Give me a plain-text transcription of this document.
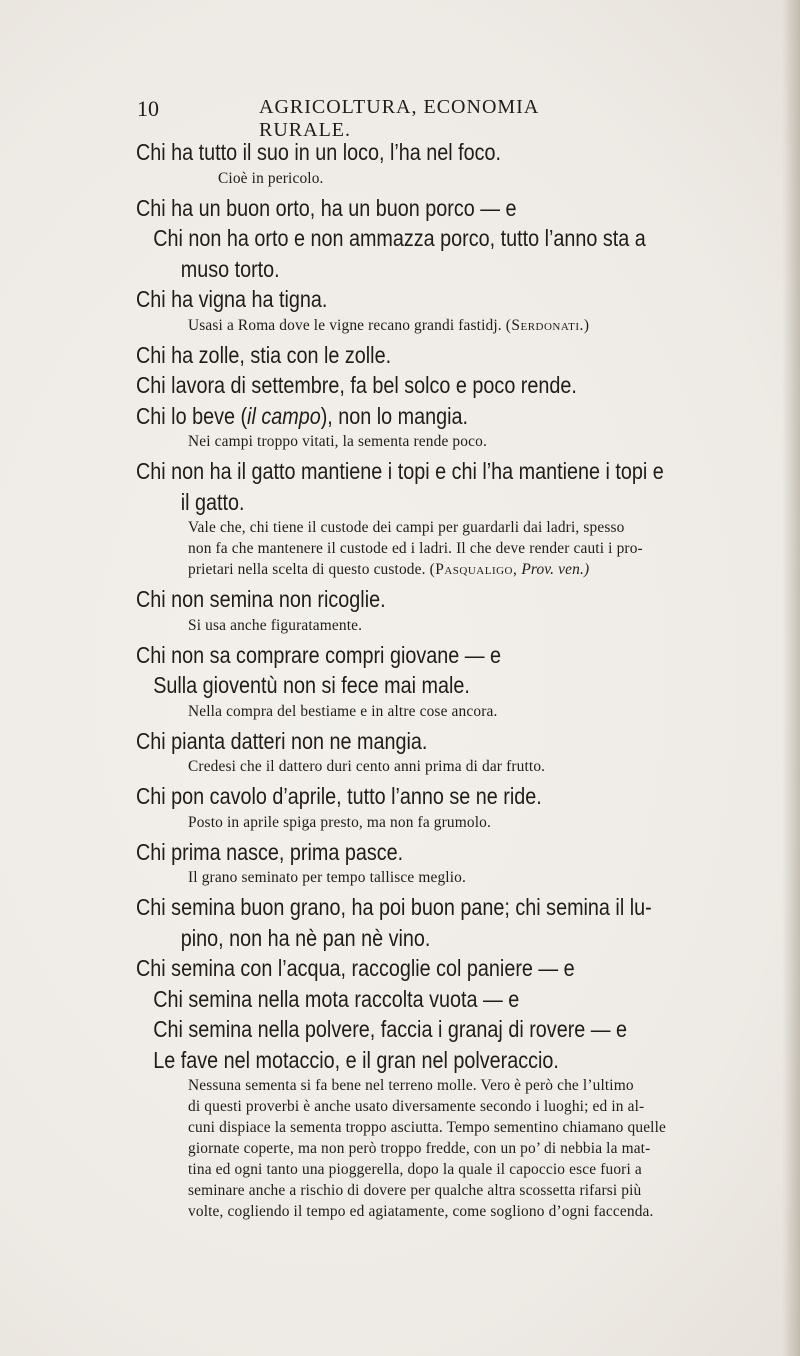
10	AGRICOLTURA, ECONOMIA RURALE.

Chi ha tutto il suo in un loco, l’ha nel foco.

Cioè in pericolo.

Chi ha un buon orto, ha un buon porco — e

Chi non ha orto e non ammazza porco, tutto l’anno sta a

muso torto.

Chi ha vigna ha tigna.

Usasi a Roma dove le vigne recano grandi fastidj. (Serdonati.)

Chi ha zolle, stia con le zolle.

Chi lavora di settembre, fa bel solco e poco rende.

Chi lo beve (il campo), non lo mangia.

Nei campi troppo vitati, la sementa rende poco.

Chi non ha il gatto mantiene i topi e chi l’ha mantiene i topi e

il gatto.

Vale che, chi tiene il custode dei campi per guardarli dai ladri, spesso

non fa che mantenere il custode ed i ladri. Il che deve render cauti i pro-

prietari nella scelta di questo custode. (Pasqualigo, Prov. ven.)

Chi non semina non ricoglie.

Si usa anche figuratamente.

Chi non sa comprare compri giovane — e

Sulla gioventù non si fece mai male.

Nella compra del bestiame e in altre cose ancora.

Chi pianta datteri non ne mangia.

Credesi che il dattero duri cento anni prima di dar frutto.

Chi pon cavolo d’aprile, tutto l’anno se ne ride.

Posto in aprile spiga presto, ma non fa grumolo.

Chi prima nasce, prima pasce.

Il grano seminato per tempo tallisce meglio.

Chi semina buon grano, ha poi buon pane; chi semina il lu-

pino, non ha nè pan nè vino.

Chi semina con l’acqua, raccoglie col paniere — e

Chi semina nella mota raccolta vuota — e

Chi semina nella polvere, faccia i granaj di rovere — e

Le fave nel motaccio, e il gran nel polveraccio.

Nessuna sementa si fa bene nel terreno molle. Vero è però che l’ultimo

di questi proverbi è anche usato diversamente secondo i luoghi; ed in al-

cuni dispiace la sementa troppo asciutta. Tempo sementino chiamano quelle

giornate coperte, ma non però troppo fredde, con un po’ di nebbia la mat-

tina ed ogni tanto una pioggerella, dopo la quale il capoccio esce fuori a

seminare anche a rischio di dovere per qualche altra scossetta rifarsi più

volte, cogliendo il tempo ed agiatamente, come sogliono d’ogni faccenda.
